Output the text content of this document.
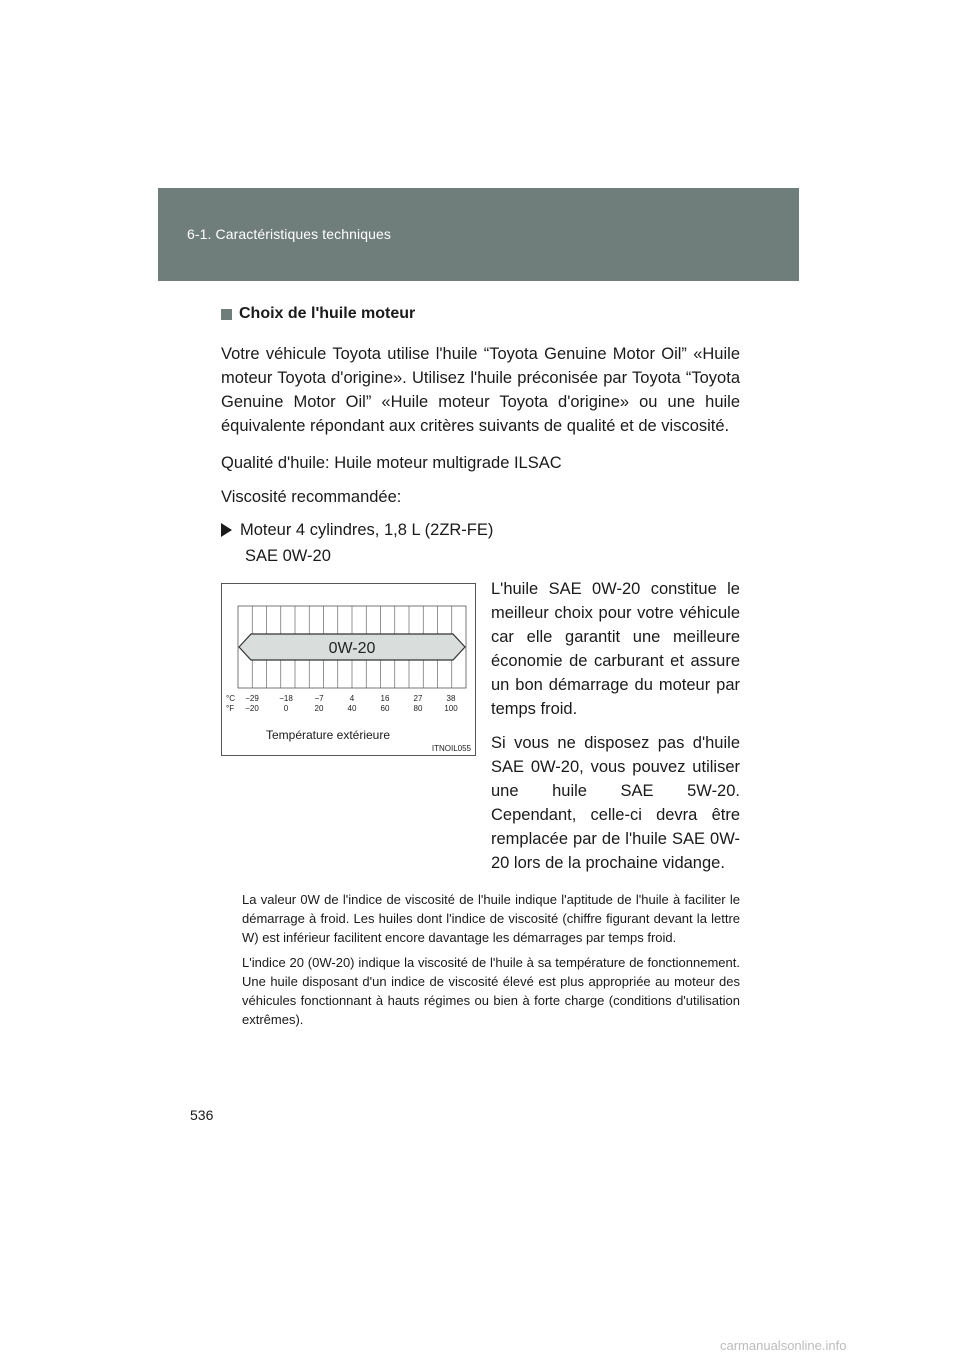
6-1. Caractéristiques techniques
Choix de l'huile moteur
Votre véhicule Toyota utilise l'huile “Toyota Genuine Motor Oil” «Huile moteur Toyota d'origine». Utilisez l'huile préconisée par Toyota “Toyota Genuine Motor Oil” «Huile moteur Toyota d'origine» ou une huile équivalente répondant aux critères suivants de qualité et de viscosité.
Qualité d'huile: Huile moteur multigrade ILSAC
Viscosité recommandée:
Moteur 4 cylindres, 1,8 L (2ZR-FE)
SAE 0W-20
0W-20
°C
°F
−29	−18	−7	4	16	27	38
−20	0	20	40	60	80	100
Température extérieure
ITNOIL055

L'huile SAE 0W-20 constitue le meilleur choix pour votre véhicule car elle garantit une meilleure économie de carburant et assure un bon démarrage du moteur par temps froid.

Si vous ne disposez pas d'huile SAE 0W-20, vous pouvez utiliser une huile SAE 5W-20. Cependant, celle-ci devra être remplacée par de l'huile SAE 0W-20 lors de la prochaine vidange.

La valeur 0W de l'indice de viscosité de l'huile indique l'aptitude de l'huile à faciliter le démarrage à froid. Les huiles dont l'indice de viscosité (chiffre figurant devant la lettre W) est inférieur facilitent encore davantage les démarrages par temps froid.

L'indice 20 (0W-20) indique la viscosité de l'huile à sa température de fonctionnement. Une huile disposant d'un indice de viscosité élevé est plus appropriée au moteur des véhicules fonctionnant à hauts régimes ou bien à forte charge (conditions d'utilisation extrêmes).

536
carmanualsonline.info
